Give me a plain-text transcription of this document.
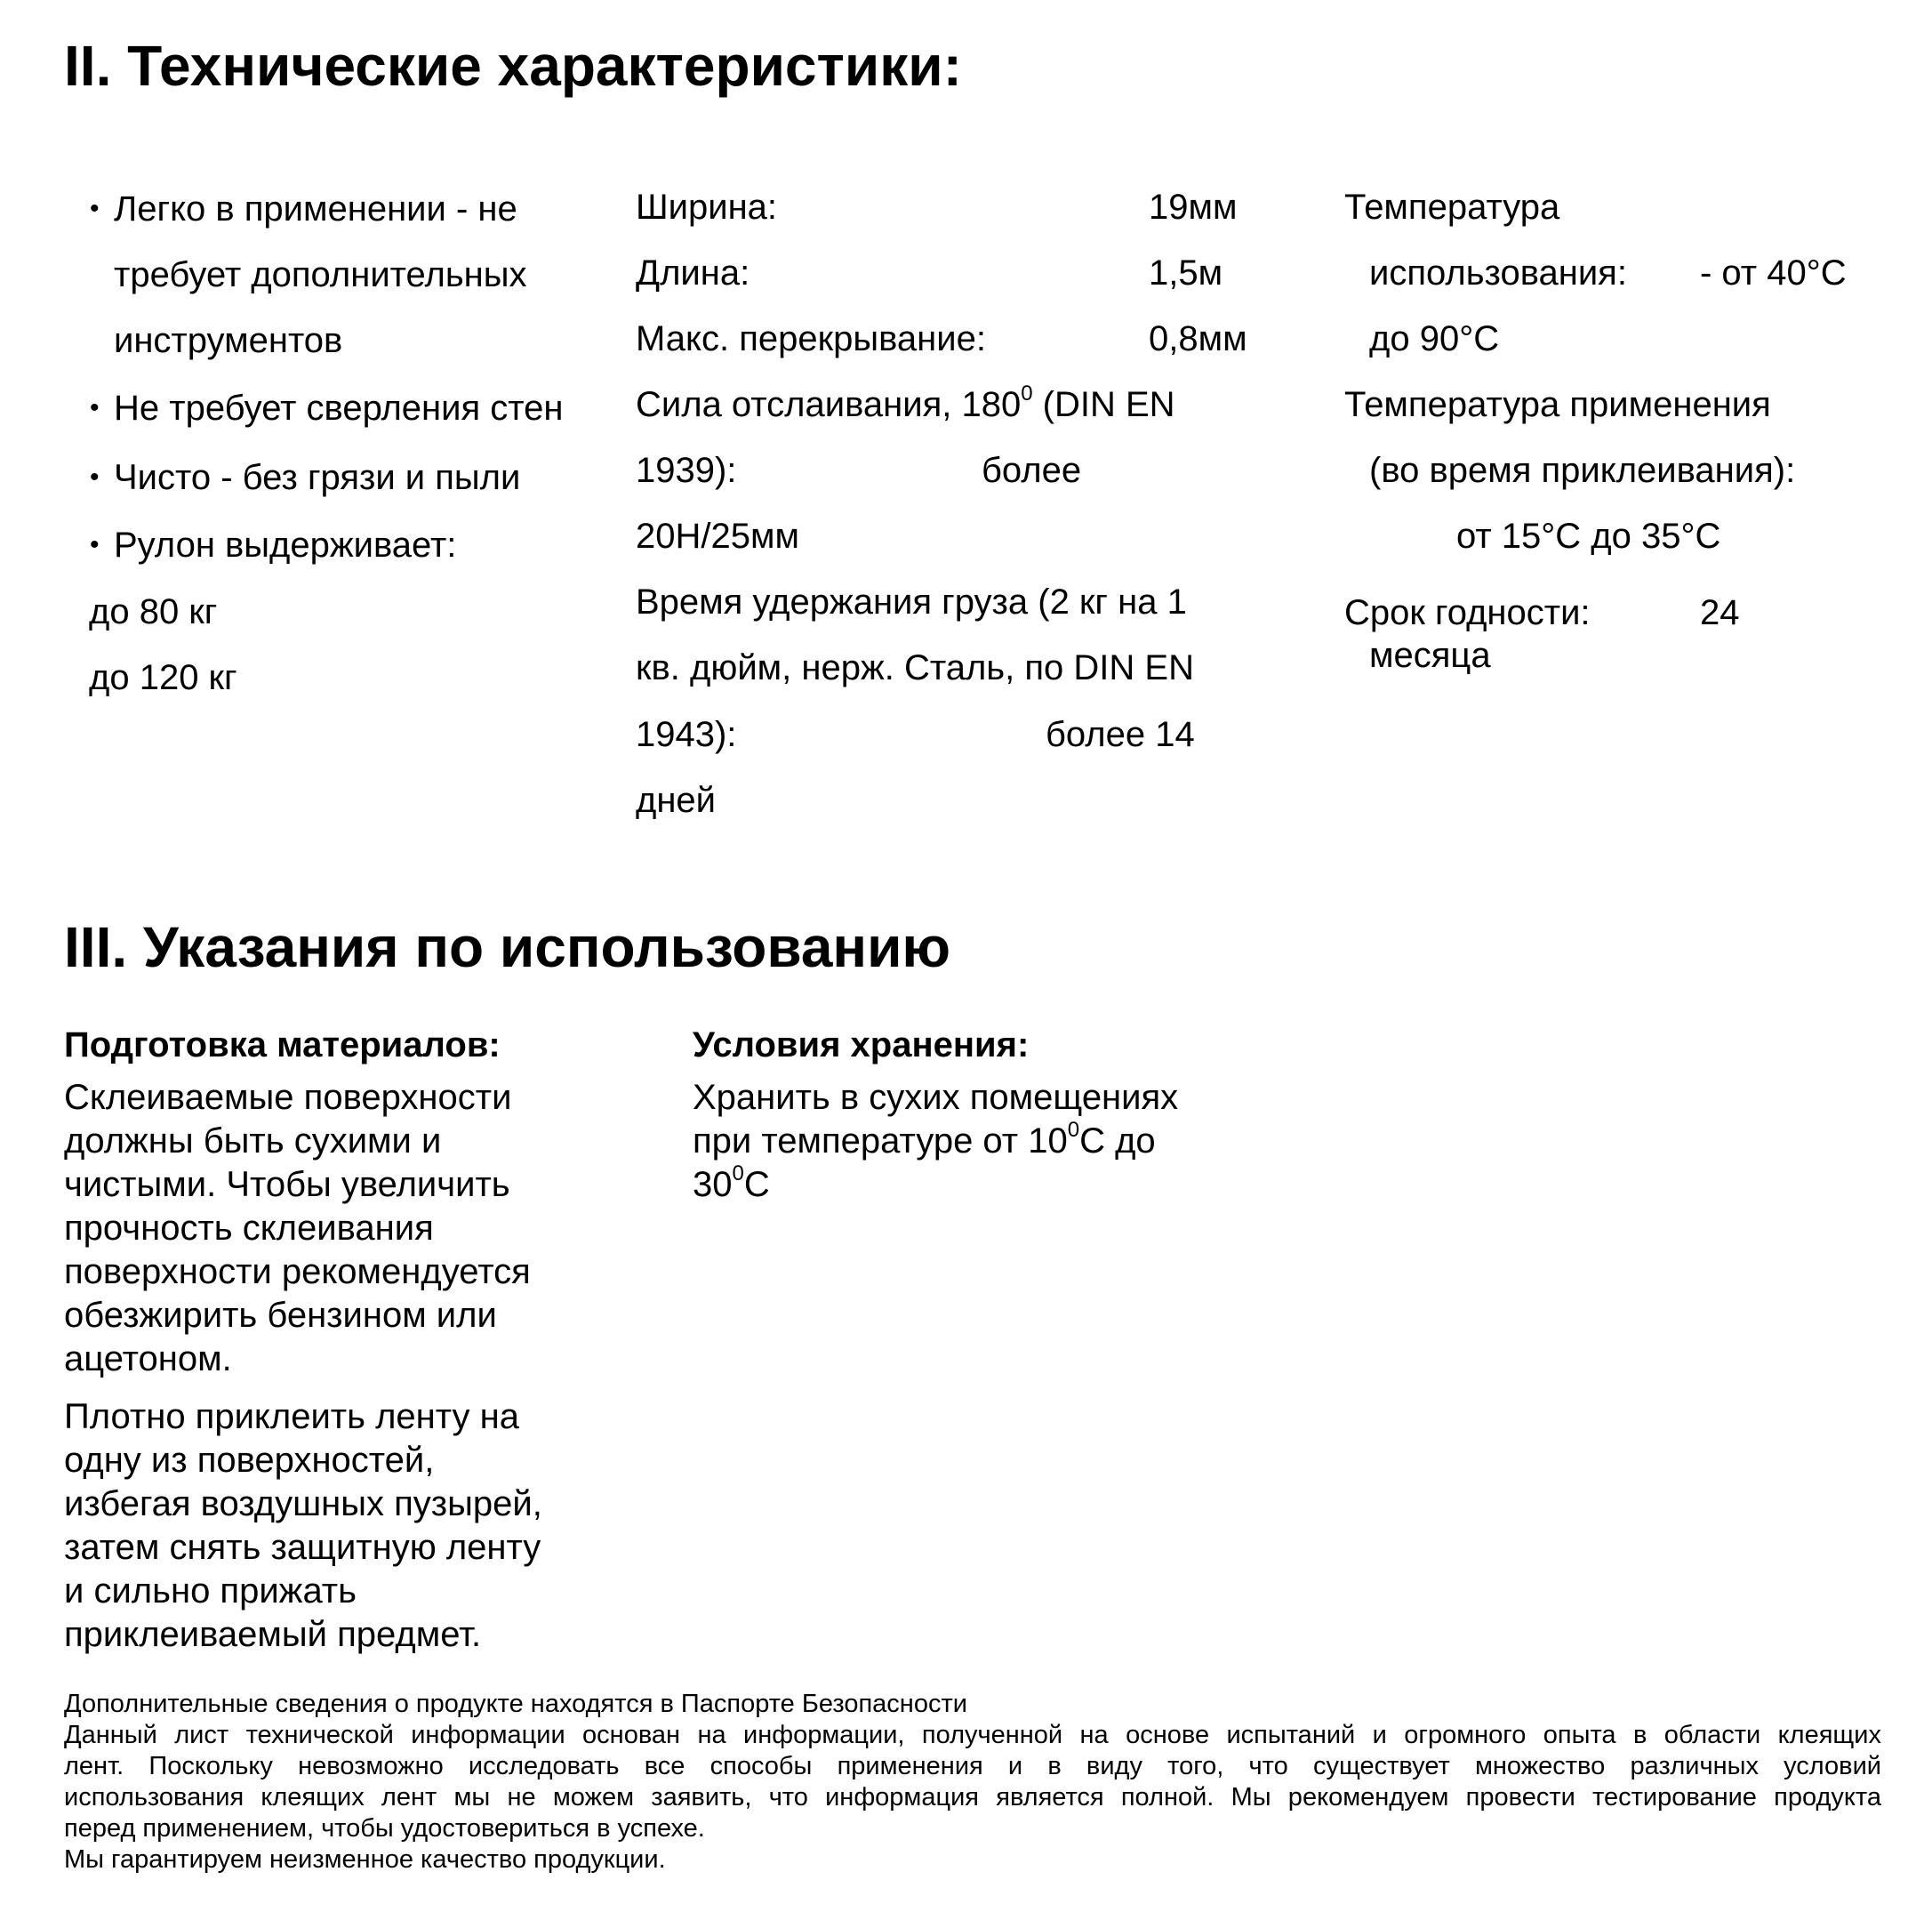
II. Технические характеристики:
• Легко в применении - не
требует дополнительных
инструментов
• Не требует сверления стен
• Чисто - без грязи и пыли
• Рулон выдерживает:
до 80 кг
до 120 кг
Ширина:	19мм
Длина:	1,5м
Макс. перекрывание:	0,8мм
Сила отслаивания, $180^0$ (DIN EN
1939):	более
20Н/25мм
Время удержания груза (2 кг на 1
кв. дюйм, нерж. Сталь, по DIN EN
1943):	более 14
дней
Температура
использования: - от 40°С
до 90°С
Температура применения
(во время приклеивания):
от 15°С до 35°С
Срок годности:	24
месяца
III. Указания по использованию
Подготовка материалов:
Склеиваемые поверхности
должны быть сухими и
чистыми. Чтобы увеличить
прочность склеивания
поверхности рекомендуется
обезжирить бензином или
ацетоном.
Плотно приклеить ленту на
одну из поверхностей,
избегая воздушных пузырей,
затем снять защитную ленту
и сильно прижать
приклеиваемый предмет.
Условия хранения:
Хранить в сухих помещениях
при температуре от $10^0С$ до
$30^0С$
Дополнительные сведения о продукте находятся в Паспорте Безопасности
Данный лист технической информации основан на информации, полученной на основе испытаний и огромного опыта в области клеящих
лент. Поскольку невозможно исследовать все способы применения и в виду того, что существует множество различных условий
использования клеящих лент мы не можем заявить, что информация является полной. Мы рекомендуем провести тестирование продукта
перед применением, чтобы удостовериться в успехе.
Мы гарантируем неизменное качество продукции.
